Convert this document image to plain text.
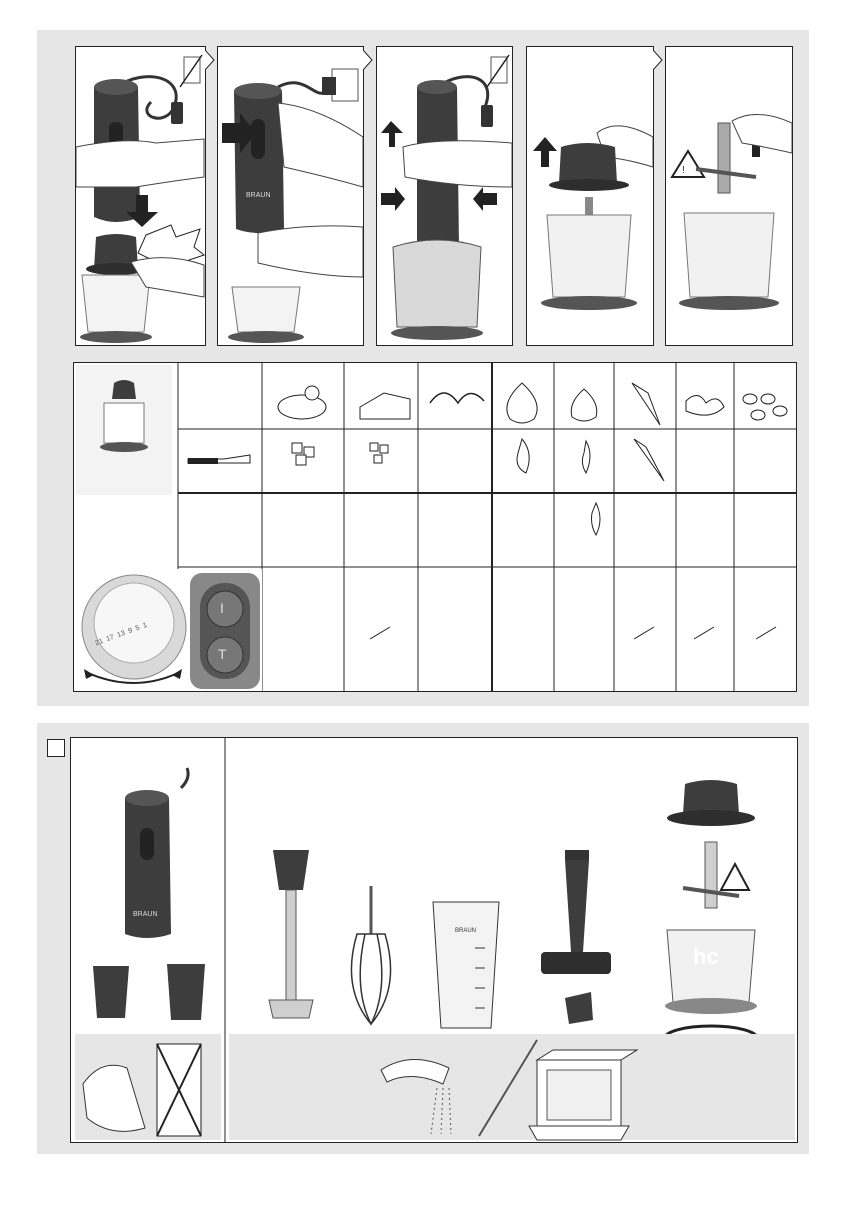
BRAUN
!
I
T
21  17  13  9  5  1
BRAUN
BRAUN
hc
